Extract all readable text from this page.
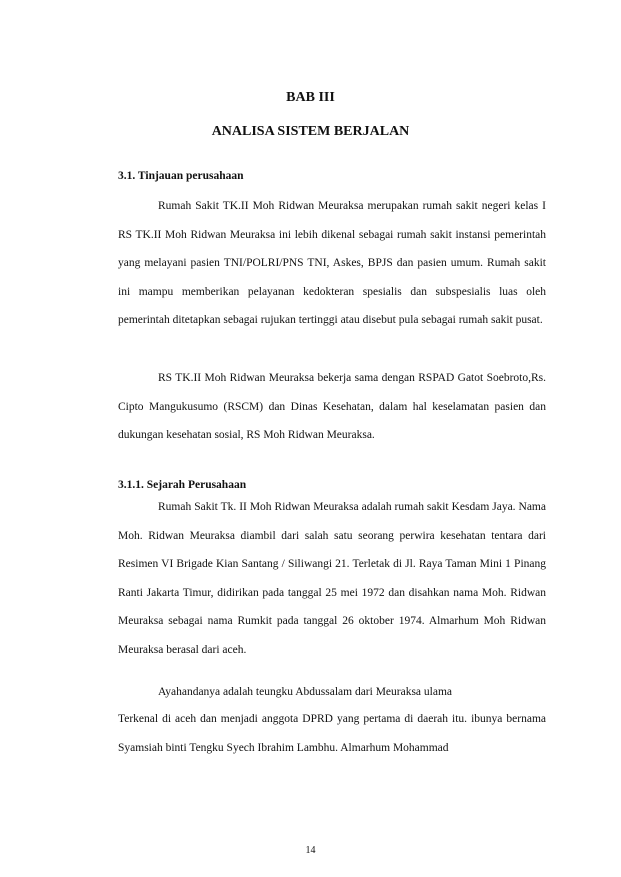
BAB III
ANALISA SISTEM BERJALAN
3.1. Tinjauan perusahaan
Rumah Sakit TK.II Moh Ridwan Meuraksa merupakan rumah sakit negeri kelas I RS TK.II Moh Ridwan Meuraksa ini lebih dikenal sebagai rumah sakit instansi pemerintah yang melayani pasien TNI/POLRI/PNS TNI, Askes, BPJS dan pasien umum. Rumah sakit ini mampu memberikan pelayanan kedokteran spesialis dan subspesialis luas oleh pemerintah ditetapkan sebagai rujukan tertinggi atau disebut pula sebagai rumah sakit pusat.
RS TK.II Moh Ridwan Meuraksa bekerja sama dengan RSPAD Gatot Soebroto,Rs. Cipto Mangukusumo (RSCM) dan Dinas Kesehatan, dalam hal keselamatan pasien dan dukungan kesehatan sosial, RS Moh Ridwan Meuraksa.
3.1.1. Sejarah Perusahaan
Rumah Sakit Tk. II Moh Ridwan Meuraksa adalah rumah sakit Kesdam Jaya. Nama Moh. Ridwan Meuraksa diambil dari salah satu seorang perwira kesehatan tentara dari Resimen VI Brigade Kian Santang / Siliwangi 21. Terletak di Jl. Raya Taman Mini 1 Pinang Ranti Jakarta Timur, didirikan pada tanggal 25 mei 1972 dan disahkan nama Moh. Ridwan Meuraksa sebagai nama Rumkit pada tanggal 26 oktober 1974. Almarhum Moh Ridwan Meuraksa berasal dari aceh.
Ayahandanya adalah teungku Abdussalam dari Meuraksa ulama
Terkenal di aceh dan menjadi anggota DPRD yang pertama di daerah itu. ibunya bernama Syamsiah binti Tengku Syech Ibrahim Lambhu. Almarhum Mohammad
14
